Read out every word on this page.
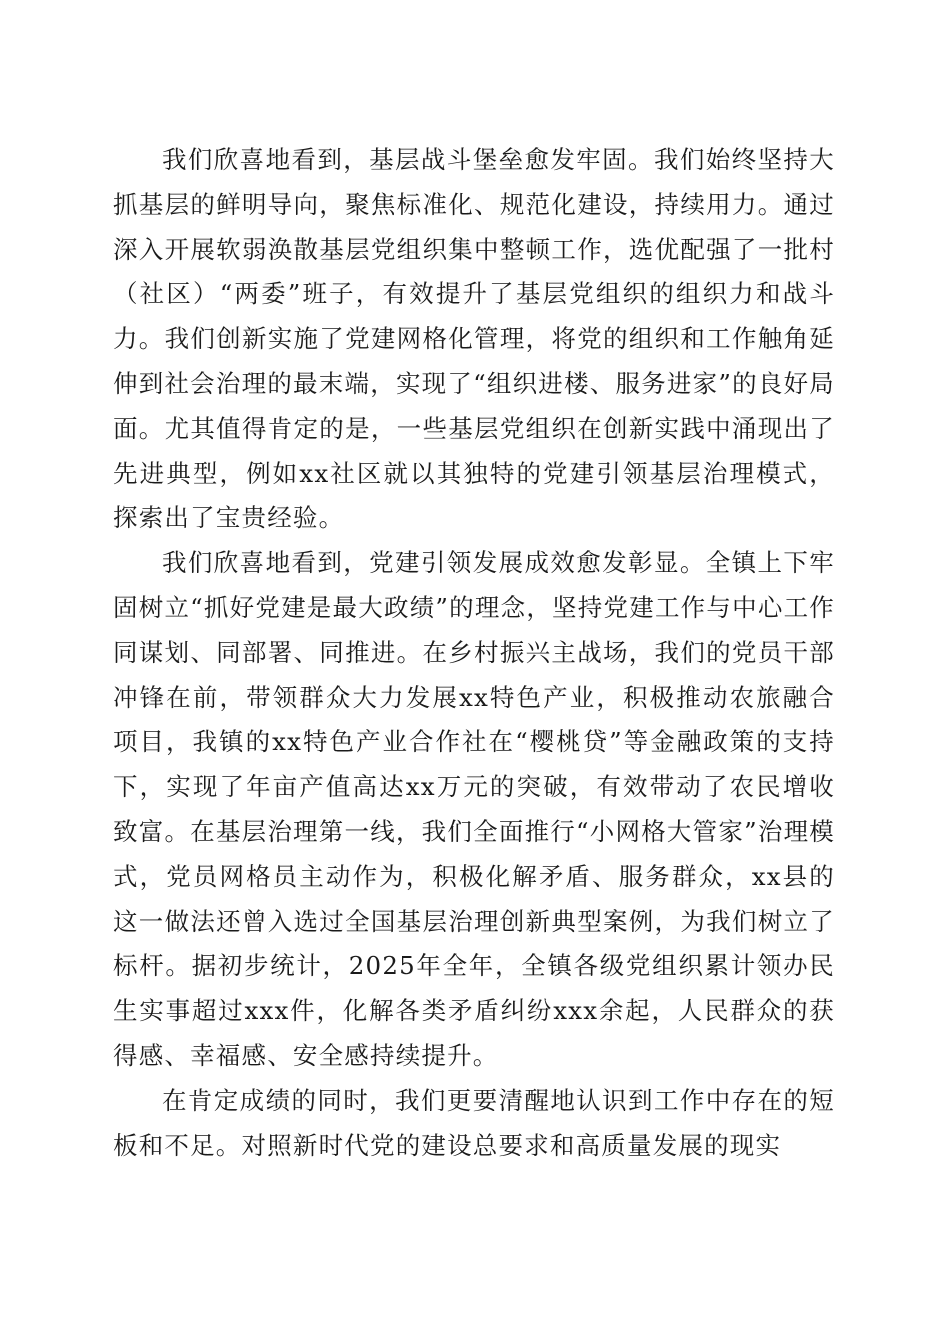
我们欣喜地看到，基层战斗堡垒愈发牢固。我们始终坚持大抓基层的鲜明导向，聚焦标准化、规范化建设，持续用力。通过深入开展软弱涣散基层党组织集中整顿工作，选优配强了一批村（社区）“两委”班子，有效提升了基层党组织的组织力和战斗力。我们创新实施了党建网格化管理，将党的组织和工作触角延伸到社会治理的最末端，实现了“组织进楼、服务进家”的良好局面。尤其值得肯定的是，一些基层党组织在创新实践中涌现出了先进典型，例如xx社区就以其独特的党建引领基层治理模式，探索出了宝贵经验。

我们欣喜地看到，党建引领发展成效愈发彰显。全镇上下牢固树立“抓好党建是最大政绩”的理念，坚持党建工作与中心工作同谋划、同部署、同推进。在乡村振兴主战场，我们的党员干部冲锋在前，带领群众大力发展xx特色产业，积极推动农旅融合项目，我镇的xx特色产业合作社在“樱桃贷”等金融政策的支持下，实现了年亩产值高达xx万元的突破，有效带动了农民增收致富。在基层治理第一线，我们全面推行“小网格大管家”治理模式，党员网格员主动作为，积极化解矛盾、服务群众，xx县的这一做法还曾入选过全国基层治理创新典型案例，为我们树立了标杆。据初步统计，2025年全年，全镇各级党组织累计领办民生实事超过xxx件，化解各类矛盾纠纷xxx余起，人民群众的获得感、幸福感、安全感持续提升。

在肯定成绩的同时，我们更要清醒地认识到工作中存在的短板和不足。对照新时代党的建设总要求和高质量发展的现实
